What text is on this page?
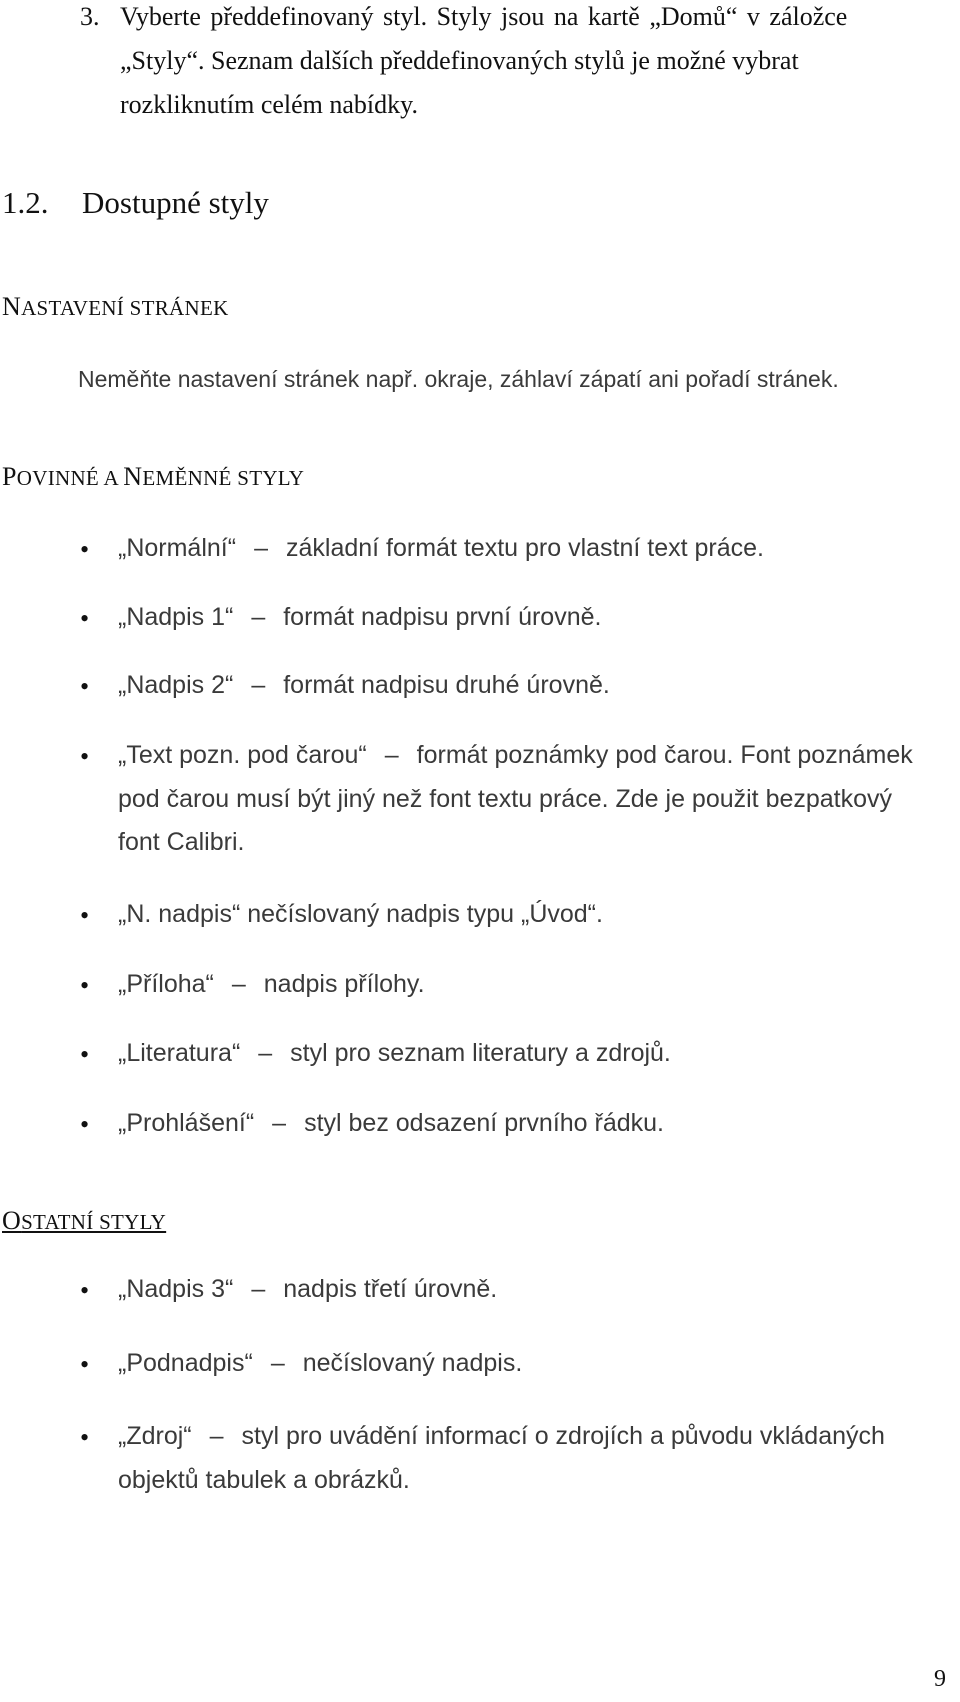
3. Vyberte předdefinovaný styl. Styly jsou na kartě „Domů“ v záložce
„Styly“. Seznam dalších předdefinovaných stylů je možné vybrat
rozkliknutím celém nabídky.
1.2. Dostupné styly
NASTAVENÍ STRÁNEK
Neměňte nastavení stránek např. okraje, záhlaví zápatí ani pořadí stránek.
POVINNÉ A NEMĚNNÉ STYLY
• „Normální“ – základní formát textu pro vlastní text práce.
• „Nadpis 1“ – formát nadpisu první úrovně.
• „Nadpis 2“ – formát nadpisu druhé úrovně.
• „Text pozn. pod čarou“ – formát poznámky pod čarou. Font poznámek
pod čarou musí být jiný než font textu práce. Zde je použit bezpatkový
font Calibri.
• „N. nadpis“ nečíslovaný nadpis typu „Úvod“.
• „Příloha“ – nadpis přílohy.
• „Literatura“ – styl pro seznam literatury a zdrojů.
• „Prohlášení“ – styl bez odsazení prvního řádku.
OSTATNÍ STYLY
• „Nadpis 3“ – nadpis třetí úrovně.
• „Podnadpis“ – nečíslovaný nadpis.
• „Zdroj“ – styl pro uvádění informací o zdrojích a původu vkládaných
objektů tabulek a obrázků.
9
